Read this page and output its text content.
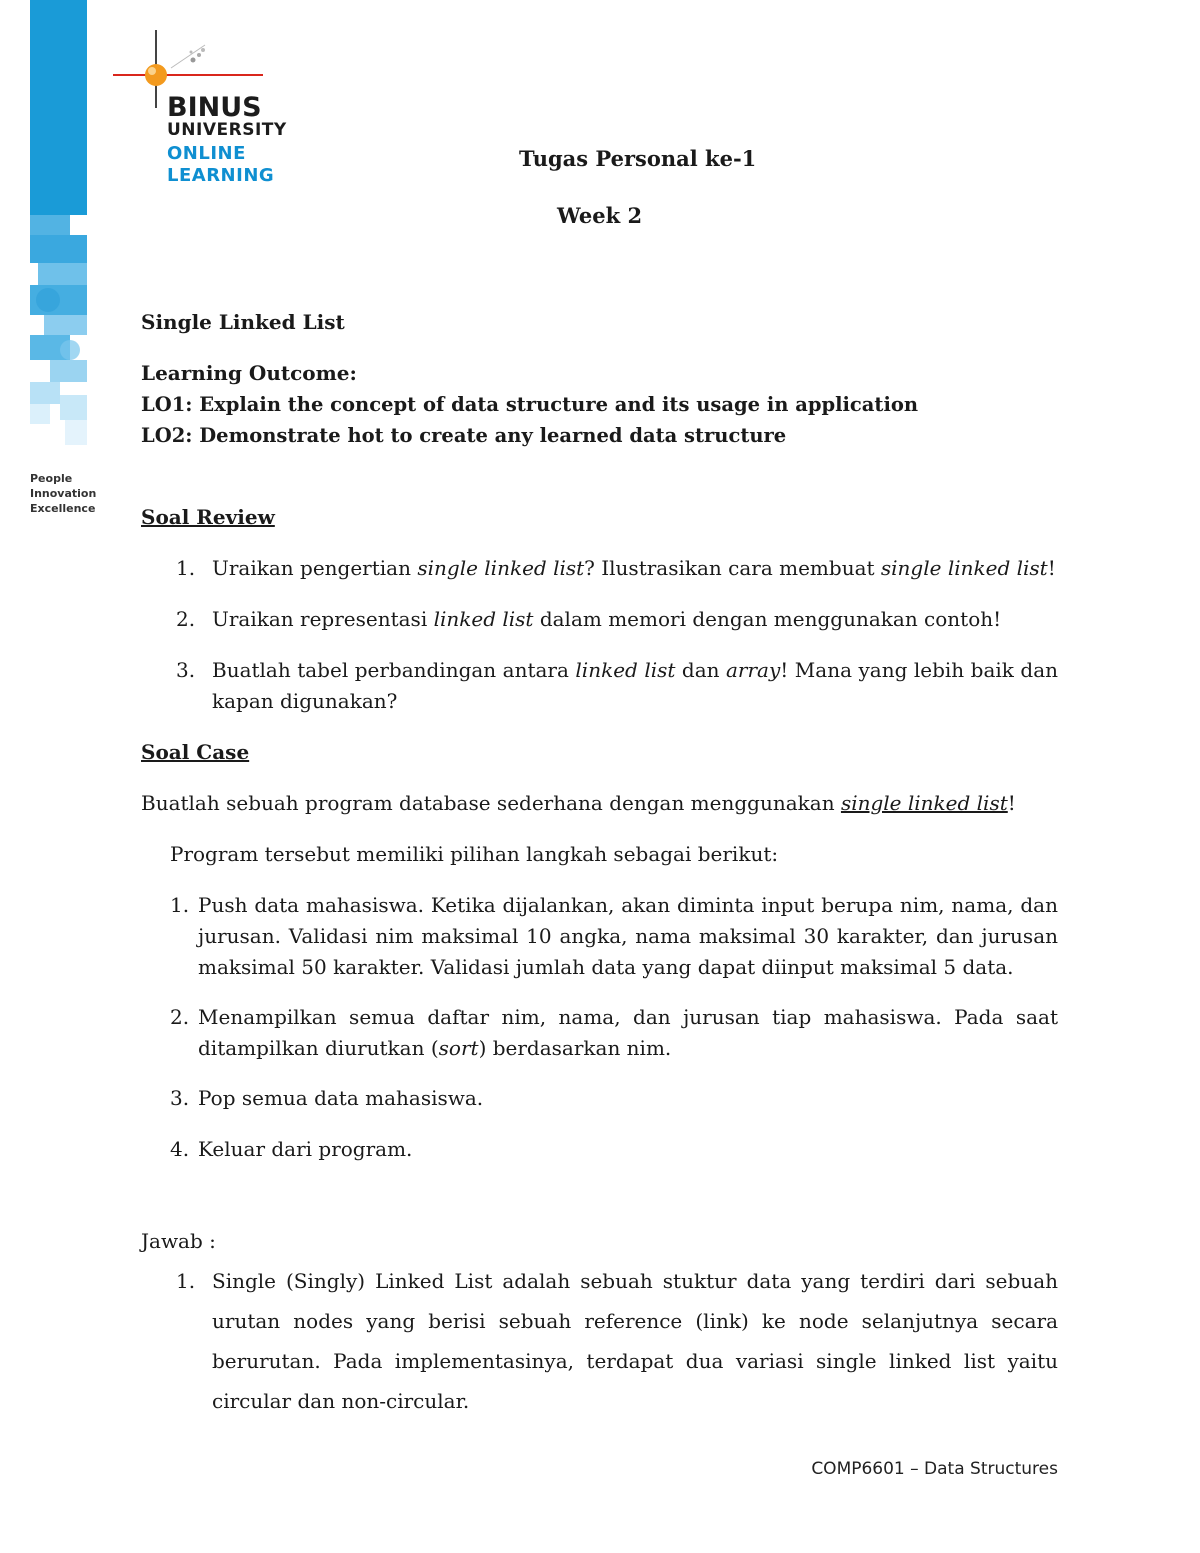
BINUS
UNIVERSITY
ONLINE
LEARNING
People
Innovation
Excellence
Tugas Personal ke-1
Week 2
Single Linked List
Learning Outcome:
LO1: Explain the concept of data structure and its usage in application
LO2: Demonstrate hot to create any learned data structure
Soal Review
1. Uraikan pengertian single linked list? Ilustrasikan cara membuat single linked list!
2. Uraikan representasi linked list dalam memori dengan menggunakan contoh!
3. Buatlah tabel perbandingan antara linked list dan array! Mana yang lebih baik dan kapan digunakan?
Soal Case
Buatlah sebuah program database sederhana dengan menggunakan single linked list!
Program tersebut memiliki pilihan langkah sebagai berikut:
1. Push data mahasiswa. Ketika dijalankan, akan diminta input berupa nim, nama, dan jurusan. Validasi nim maksimal 10 angka, nama maksimal 30 karakter, dan jurusan maksimal 50 karakter. Validasi jumlah data yang dapat diinput maksimal 5 data.
2. Menampilkan semua daftar nim, nama, dan jurusan tiap mahasiswa. Pada saat ditampilkan diurutkan (sort) berdasarkan nim.
3. Pop semua data mahasiswa.
4. Keluar dari program.
Jawab :
1. Single (Singly) Linked List adalah sebuah stuktur data yang terdiri dari sebuah urutan nodes yang berisi sebuah reference (link) ke node selanjutnya secara berurutan. Pada implementasinya, terdapat dua variasi single linked list yaitu circular dan non-circular.
COMP6601 – Data Structures
